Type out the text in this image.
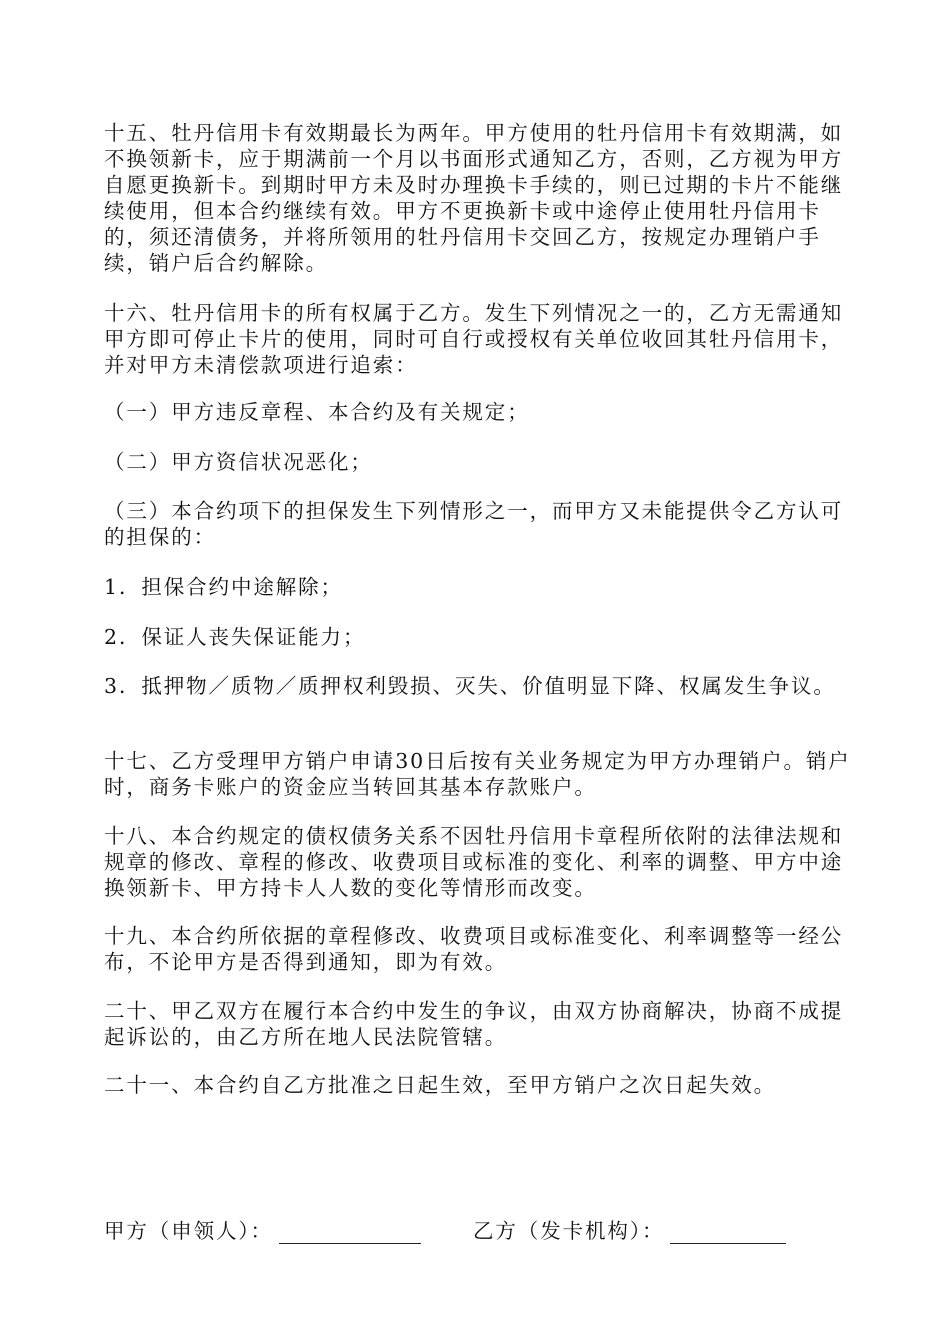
十五、牡丹信用卡有效期最长为两年。甲方使用的牡丹信用卡有效期满，如不换领新卡，应于期满前一个月以书面形式通知乙方，否则，乙方视为甲方自愿更换新卡。到期时甲方未及时办理换卡手续的，则已过期的卡片不能继续使用，但本合约继续有效。甲方不更换新卡或中途停止使用牡丹信用卡的，须还清债务，并将所领用的牡丹信用卡交回乙方，按规定办理销户手续，销户后合约解除。

十六、牡丹信用卡的所有权属于乙方。发生下列情况之一的，乙方无需通知甲方即可停止卡片的使用，同时可自行或授权有关单位收回其牡丹信用卡，并对甲方未清偿款项进行追索：

（一）甲方违反章程、本合约及有关规定；

（二）甲方资信状况恶化；

（三）本合约项下的担保发生下列情形之一，而甲方又未能提供令乙方认可的担保的：

1．担保合约中途解除；

2．保证人丧失保证能力；

3．抵押物／质物／质押权利毁损、灭失、价值明显下降、权属发生争议。

十七、乙方受理甲方销户申请30日后按有关业务规定为甲方办理销户。销户时，商务卡账户的资金应当转回其基本存款账户。

十八、本合约规定的债权债务关系不因牡丹信用卡章程所依附的法律法规和规章的修改、章程的修改、收费项目或标准的变化、利率的调整、甲方中途换领新卡、甲方持卡人人数的变化等情形而改变。

十九、本合约所依据的章程修改、收费项目或标准变化、利率调整等一经公布，不论甲方是否得到通知，即为有效。

二十、甲乙双方在履行本合约中发生的争议，由双方协商解决，协商不成提起诉讼的，由乙方所在地人民法院管辖。

二十一、本合约自乙方批准之日起生效，至甲方销户之次日起失效。

甲方（申领人）：	乙方（发卡机构）：
